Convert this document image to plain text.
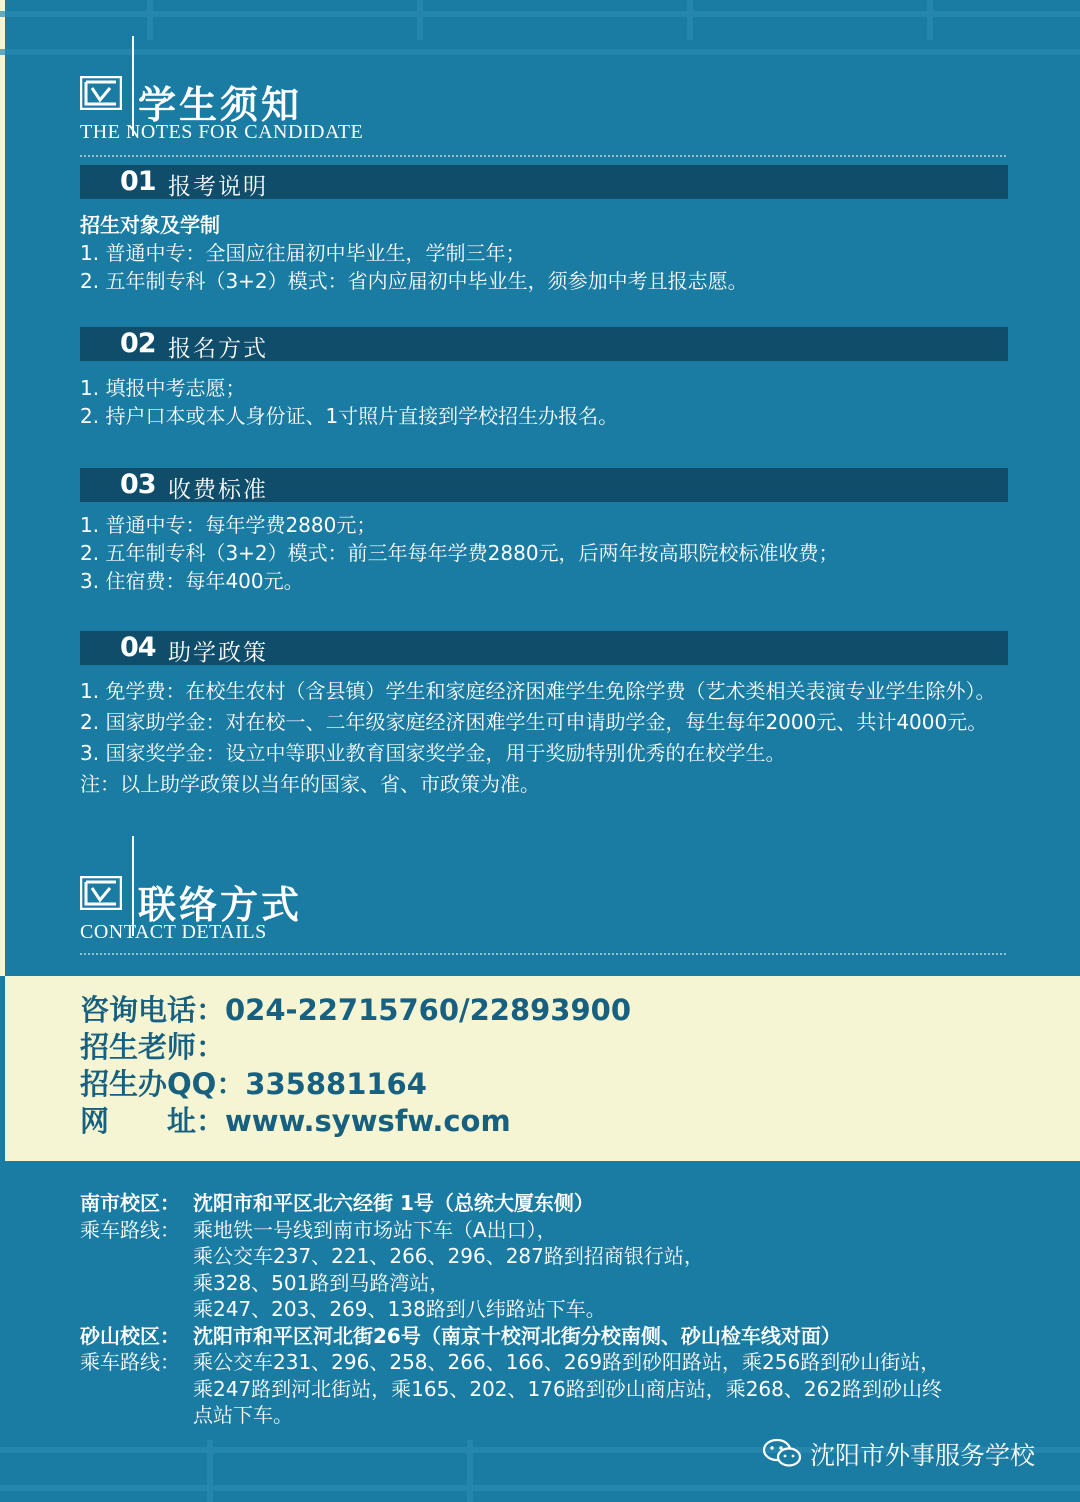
学生须知
THE NOTES FOR CANDIDATE
01 报考说明
招生对象及学制
1. 普通中专：全国应往届初中毕业生，学制三年；
2. 五年制专科（3+2）模式：省内应届初中毕业生，须参加中考且报志愿。
02 报名方式
1. 填报中考志愿；
2. 持户口本或本人身份证、1寸照片直接到学校招生办报名。
03 收费标准
1. 普通中专：每年学费2880元；
2. 五年制专科（3+2）模式：前三年每年学费2880元，后两年按高职院校标准收费；
3. 住宿费：每年400元。
04 助学政策
1. 免学费：在校生农村（含县镇）学生和家庭经济困难学生免除学费（艺术类相关表演专业学生除外）。
2. 国家助学金：对在校一、二年级家庭经济困难学生可申请助学金，每生每年2000元、共计4000元。
3. 国家奖学金：设立中等职业教育国家奖学金，用于奖励特别优秀的在校学生。
注：以上助学政策以当年的国家、省、市政策为准。
联络方式
CONTACT DETAILS
咨询电话：024-22715760/22893900
招生老师：
招生办QQ：335881164
网　　址：www.sywsfw.com
南市校区： 沈阳市和平区北六经街 1号（总统大厦东侧）
乘车路线： 乘地铁一号线到南市场站下车（A出口），
乘公交车237、221、266、296、287路到招商银行站，
乘328、501路到马路湾站，
乘247、203、269、138路到八纬路站下车。
砂山校区： 沈阳市和平区河北街26号（南京十校河北街分校南侧、砂山检车线对面）
乘车路线： 乘公交车231、296、258、266、166、269路到砂阳路站，乘256路到砂山街站，
乘247路到河北街站，乘165、202、176路到砂山商店站，乘268、262路到砂山终
点站下车。
沈阳市外事服务学校
